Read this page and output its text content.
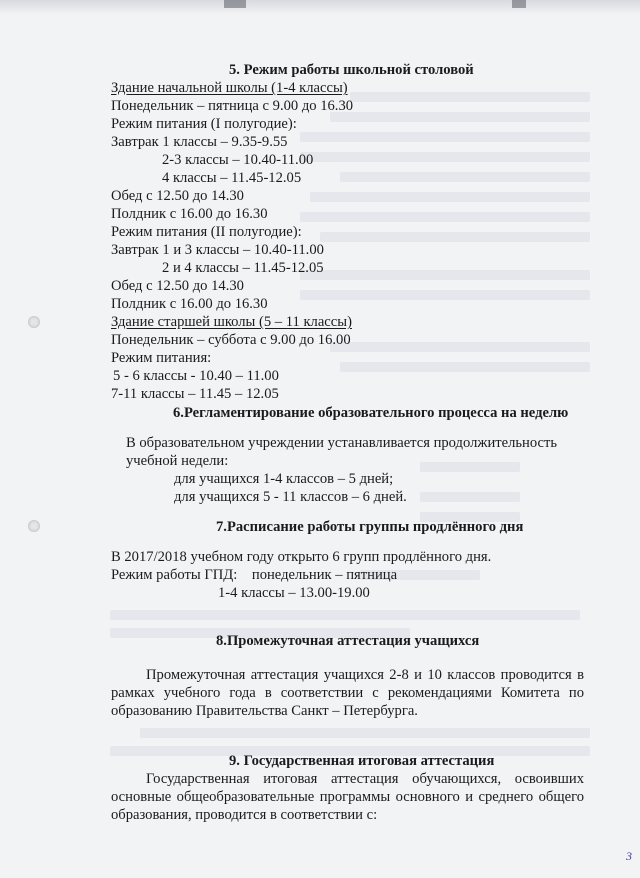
5. Режим работы школьной столовой
Здание начальной школы (1-4 классы)
Понедельник – пятница с 9.00 до 16.30
Режим питания (I полугодие):
Завтрак 1 классы – 9.35-9.55
2-3 классы – 10.40-11.00
4 классы – 11.45-12.05
Обед с 12.50 до 14.30
Полдник с 16.00 до 16.30
Режим питания (II полугодие):
Завтрак 1 и 3 классы – 10.40-11.00
2 и 4 классы – 11.45-12.05
Обед с 12.50 до 14.30
Полдник с 16.00 до 16.30
Здание старшей школы (5 – 11 классы)
Понедельник – суббота с 9.00 до 16.00
Режим питания:
5 - 6 классы - 10.40 – 11.00
7-11 классы – 11.45 – 12.05
6.Регламентирование образовательного процесса на неделю
В образовательном учреждении устанавливается продолжительность
учебной недели:
для учащихся 1-4 классов – 5 дней;
для учащихся 5 - 11 классов – 6 дней.
7.Расписание работы группы продлённого дня
В 2017/2018 учебном году открыто 6 групп продлённого дня.
Режим работы ГПД:    понедельник – пятница
1-4 классы – 13.00-19.00
8.Промежуточная аттестация учащихся
Промежуточная аттестация учащихся 2-8 и 10 классов проводится в
рамках учебного года в соответствии с рекомендациями Комитета по
образованию Правительства Санкт – Петербурга.
9. Государственная итоговая аттестация
Государственная итоговая аттестация обучающихся, освоивших
основные общеобразовательные программы основного и среднего общего
образования, проводится в соответствии с:
3
